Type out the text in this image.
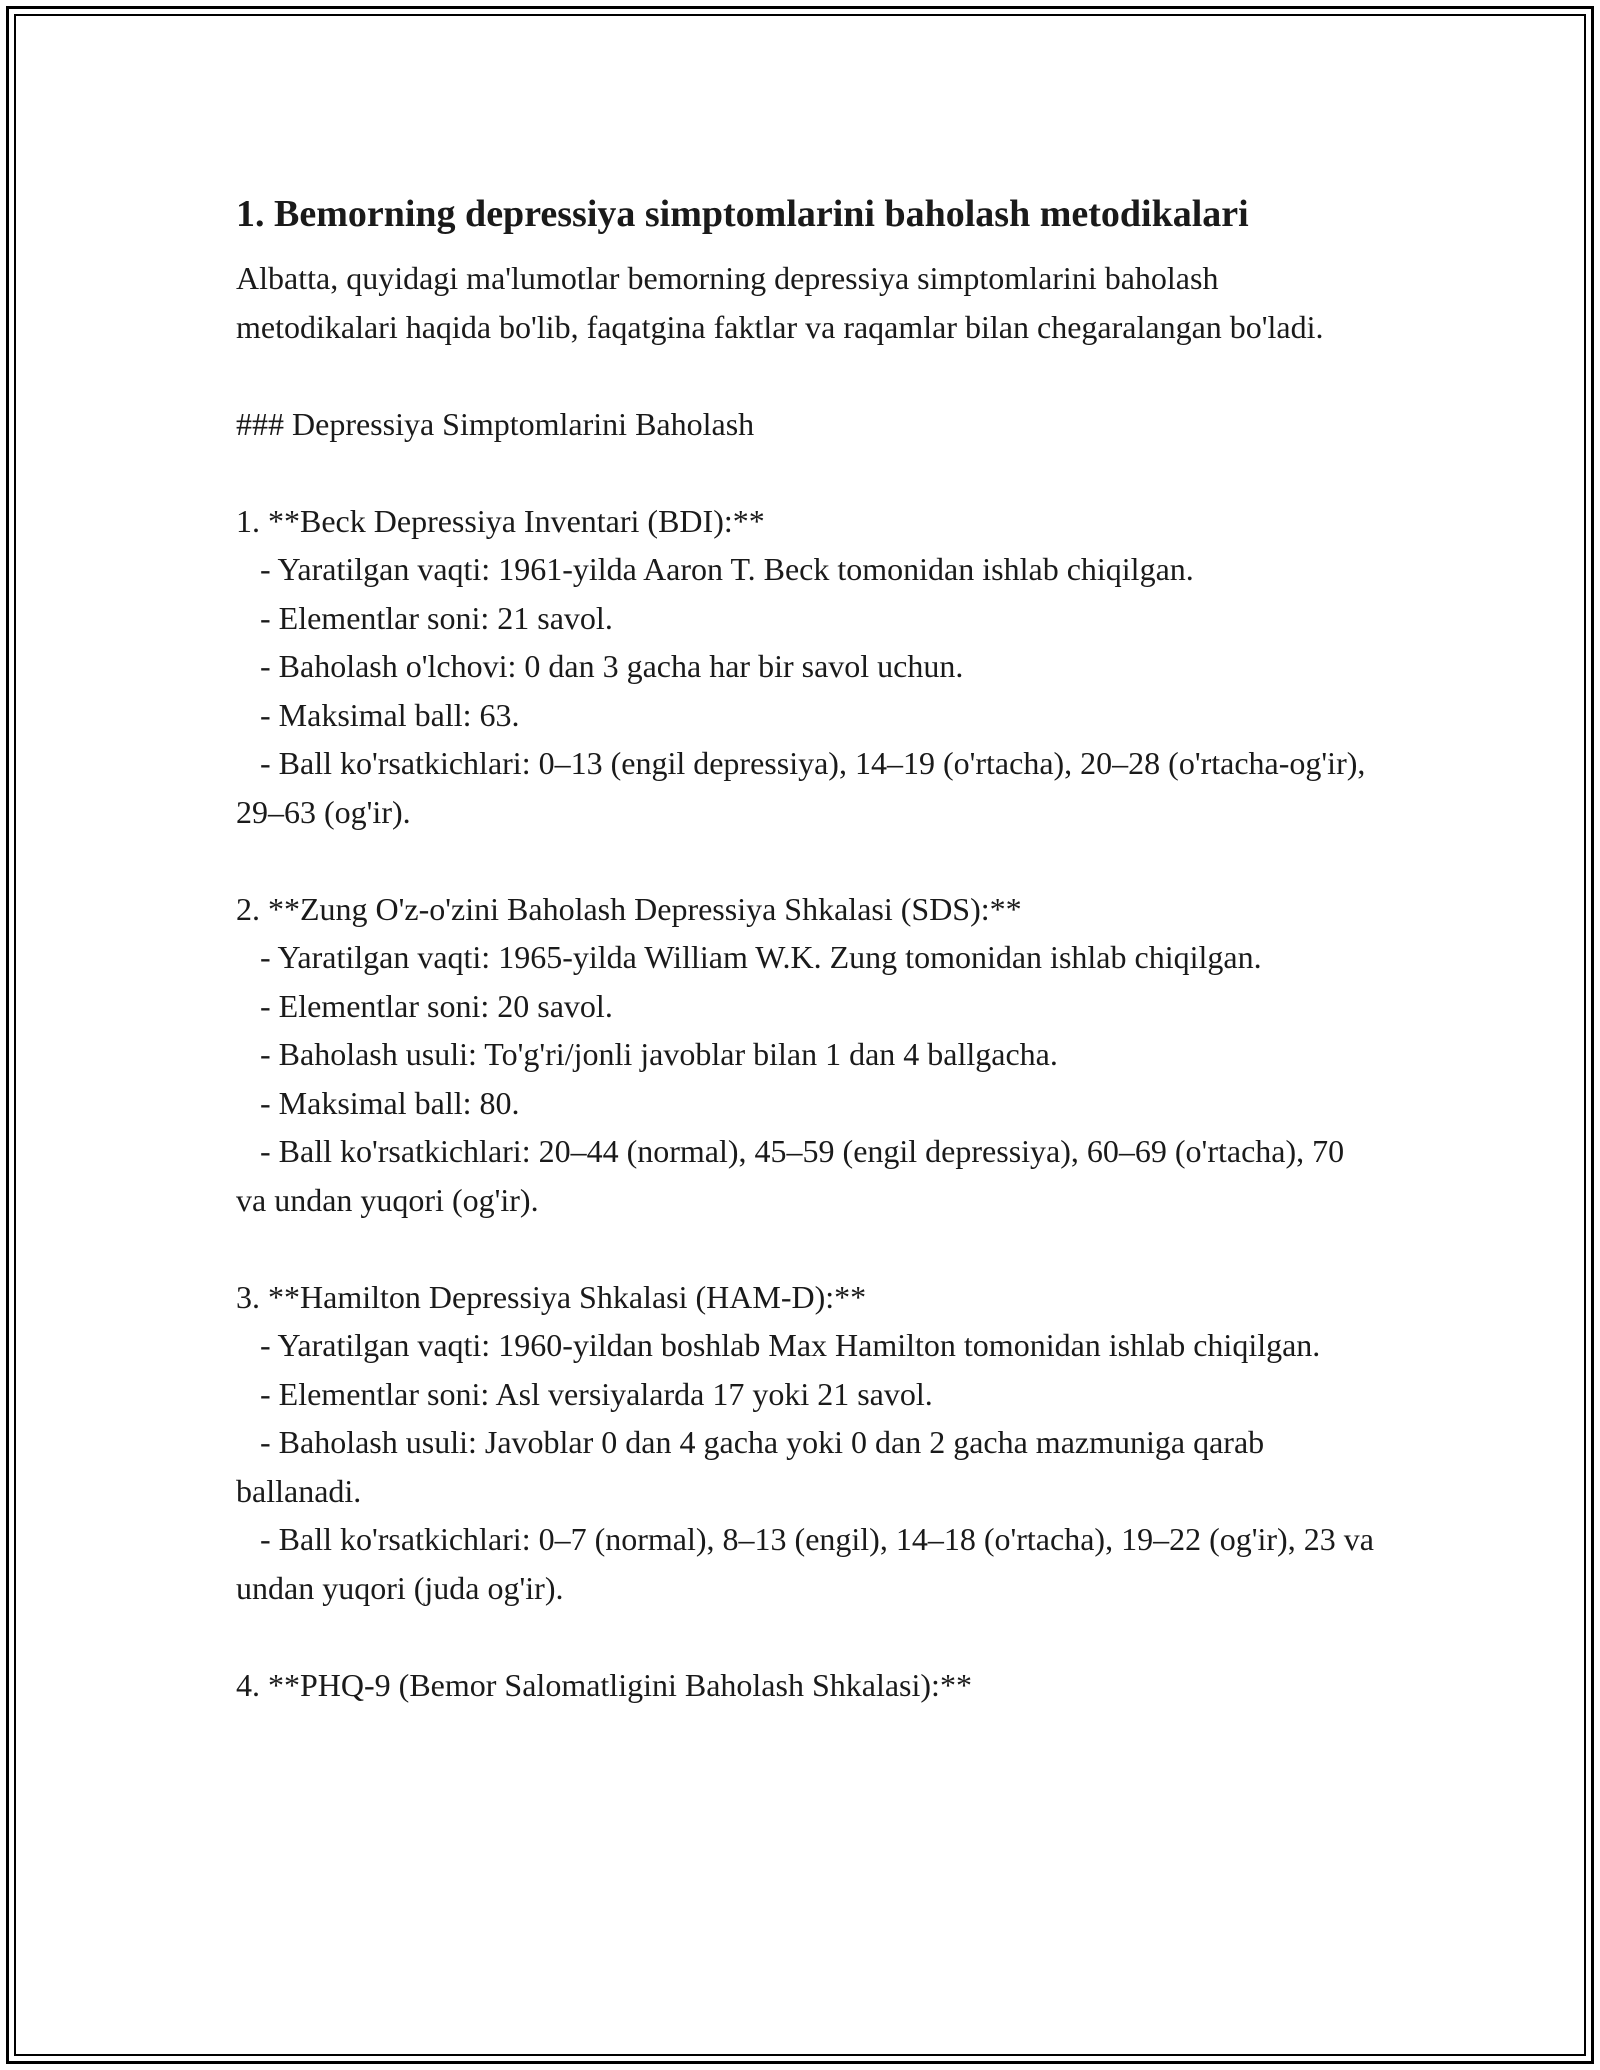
1. Bemorning depressiya simptomlarini baholash metodikalari

Albatta, quyidagi ma'lumotlar bemorning depressiya simptomlarini baholash metodikalari haqida bo'lib, faqatgina faktlar va raqamlar bilan chegaralangan bo'ladi.

### Depressiya Simptomlarini Baholash

1. **Beck Depressiya Inventari (BDI):**

- Yaratilgan vaqti: 1961-yilda Aaron T. Beck tomonidan ishlab chiqilgan.

- Elementlar soni: 21 savol.

- Baholash o'lchovi: 0 dan 3 gacha har bir savol uchun.

- Maksimal ball: 63.

- Ball ko'rsatkichlari: 0–13 (engil depressiya), 14–19 (o'rtacha), 20–28 (o'rtacha-og'ir), 29–63 (og'ir).

2. **Zung O'z-o'zini Baholash Depressiya Shkalasi (SDS):**

- Yaratilgan vaqti: 1965-yilda William W.K. Zung tomonidan ishlab chiqilgan.

- Elementlar soni: 20 savol.

- Baholash usuli: To'g'ri/jonli javoblar bilan 1 dan 4 ballgacha.

- Maksimal ball: 80.

- Ball ko'rsatkichlari: 20–44 (normal), 45–59 (engil depressiya), 60–69 (o'rtacha), 70 va undan yuqori (og'ir).

3. **Hamilton Depressiya Shkalasi (HAM-D):**

- Yaratilgan vaqti: 1960-yildan boshlab Max Hamilton tomonidan ishlab chiqilgan.

- Elementlar soni: Asl versiyalarda 17 yoki 21 savol.

- Baholash usuli: Javoblar 0 dan 4 gacha yoki 0 dan 2 gacha mazmuniga qarab ballanadi.

- Ball ko'rsatkichlari: 0–7 (normal), 8–13 (engil), 14–18 (o'rtacha), 19–22 (og'ir), 23 va undan yuqori (juda og'ir).

4. **PHQ-9 (Bemor Salomatligini Baholash Shkalasi):**
